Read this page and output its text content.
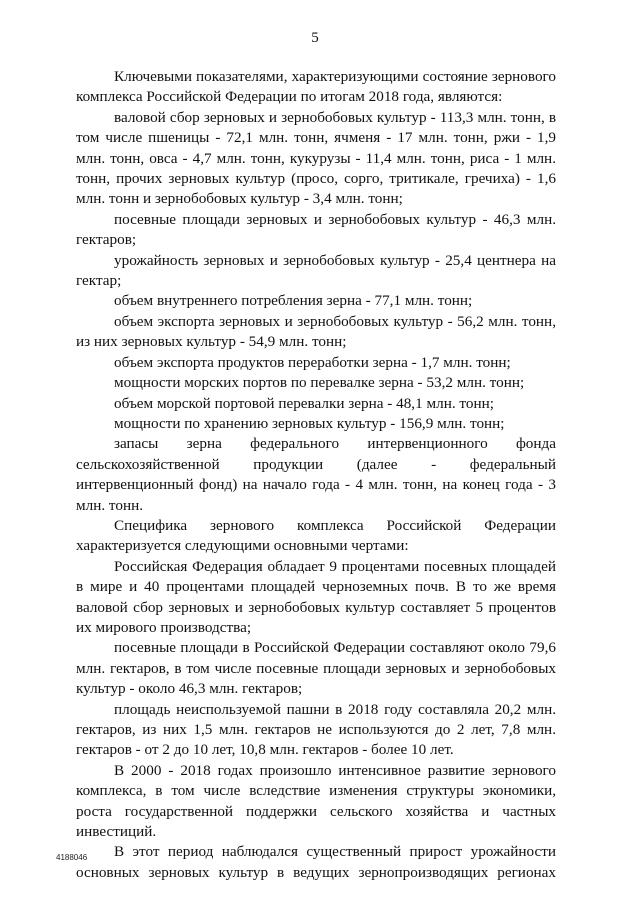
5

Ключевыми показателями, характеризующими состояние зернового комплекса Российской Федерации по итогам 2018 года, являются:

валовой сбор зерновых и зернобобовых культур - 113,3 млн. тонн, в том числе пшеницы - 72,1 млн. тонн, ячменя - 17 млн. тонн, ржи - 1,9 млн. тонн, овса - 4,7 млн. тонн, кукурузы - 11,4 млн. тонн, риса - 1 млн. тонн, прочих зерновых культур (просо, сорго, тритикале, гречиха) - 1,6 млн. тонн и зернобобовых культур - 3,4 млн. тонн;

посевные площади зерновых и зернобобовых культур - 46,3 млн. гектаров;

урожайность зерновых и зернобобовых культур - 25,4 центнера на гектар;

объем внутреннего потребления зерна - 77,1 млн. тонн;

объем экспорта зерновых и зернобобовых культур - 56,2 млн. тонн, из них зерновых культур - 54,9 млн. тонн;

объем экспорта продуктов переработки зерна - 1,7 млн. тонн;

мощности морских портов по перевалке зерна - 53,2 млн. тонн;

объем морской портовой перевалки зерна - 48,1 млн. тонн;

мощности по хранению зерновых культур - 156,9 млн. тонн;

запасы зерна федерального интервенционного фонда сельскохозяйственной продукции (далее - федеральный интервенционный фонд) на начало года - 4 млн. тонн, на конец года - 3 млн. тонн.

Специфика зернового комплекса Российской Федерации характеризуется следующими основными чертами:

Российская Федерация обладает 9 процентами посевных площадей в мире и 40 процентами площадей черноземных почв. В то же время валовой сбор зерновых и зернобобовых культур составляет 5 процентов их мирового производства;

посевные площади в Российской Федерации составляют около 79,6 млн. гектаров, в том числе посевные площади зерновых и зернобобовых культур - около 46,3 млн. гектаров;

площадь неиспользуемой пашни в 2018 году составляла 20,2 млн. гектаров, из них 1,5 млн. гектаров не используются до 2 лет, 7,8 млн. гектаров - от 2 до 10 лет, 10,8 млн. гектаров - более 10 лет.

В 2000 - 2018 годах произошло интенсивное развитие зернового комплекса, в том числе вследствие изменения структуры экономики, роста государственной поддержки сельского хозяйства и частных инвестиций.

В этот период наблюдался существенный прирост урожайности основных зерновых культур в ведущих зернопроизводящих регионах

4188046
